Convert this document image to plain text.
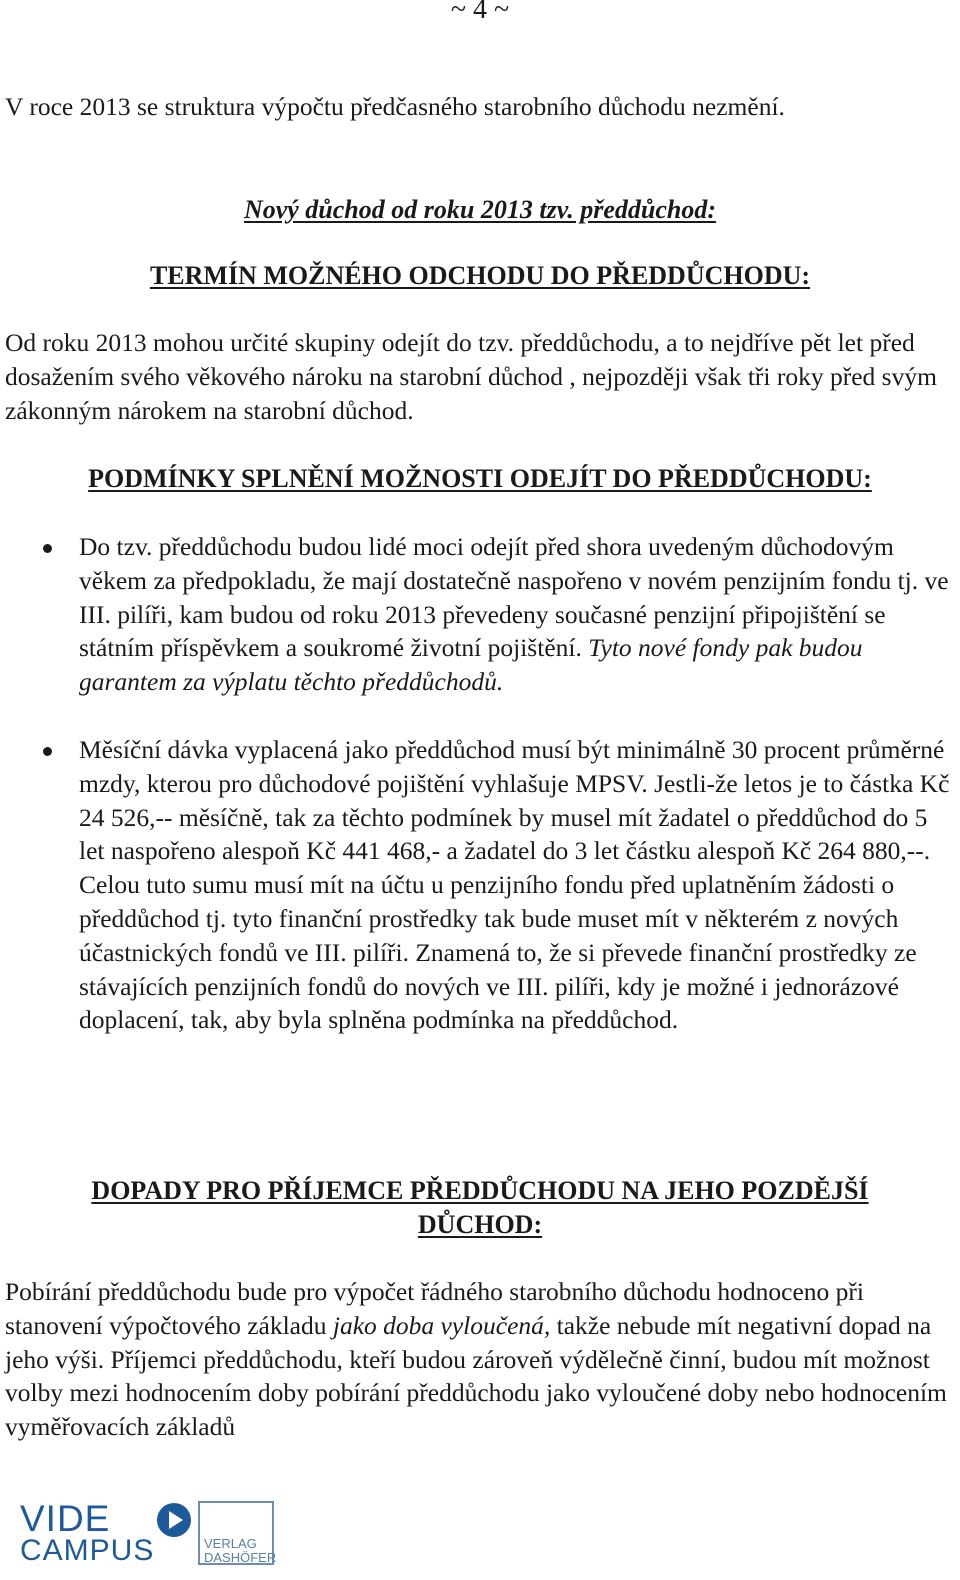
~ 4 ~

V roce 2013 se struktura výpočtu předčasného starobního důchodu nezmění.

Nový důchod od roku 2013 tzv. předdůchod:
TERMÍN MOŽNÉHO ODCHODU DO PŘEDDŮCHODU:

Od roku 2013 mohou určité skupiny odejít do tzv. předdůchodu, a to nejdříve pět let před dosažením svého věkového nároku na starobní důchod , nejpozději však tři roky před svým zákonným nárokem na starobní důchod.

PODMÍNKY SPLNĚNÍ MOŽNOSTI ODEJÍT DO PŘEDDŮCHODU:
Do tzv. předdůchodu budou lidé moci odejít před shora uvedeným důchodovým věkem za předpokladu, že mají dostatečně naspořeno v novém penzijním fondu tj. ve III. pilíři, kam budou od roku 2013 převedeny současné penzijní připojištění se státním příspěvkem a soukromé životní pojištění. Tyto nové fondy pak budou garantem za výplatu těchto předdůchodů.
Měsíční dávka vyplacená jako předdůchod musí být minimálně 30 procent průměrné mzdy, kterou pro důchodové pojištění vyhlašuje MPSV. Jestli-že letos je to částka Kč 24 526,-- měsíčně, tak za těchto podmínek by musel mít žadatel o předdůchod do 5 let naspořeno alespoň Kč 441 468,- a žadatel do 3 let částku alespoň Kč 264 880,--. Celou tuto sumu musí mít na účtu u penzijního fondu před uplatněním žádosti o předdůchod tj. tyto finanční prostředky tak bude muset mít v některém z nových účastnických fondů ve III. pilíři. Znamená to, že si převede finanční prostředky ze stávajících penzijních fondů do nových ve III. pilíři, kdy je možné i jednorázové doplacení, tak, aby byla splněna podmínka na předdůchod.
DOPADY PRO PŘÍJEMCE PŘEDDŮCHODU NA JEHO POZDĚJŠÍ
DŮCHOD:

Pobírání předdůchodu bude pro výpočet řádného starobního důchodu hodnoceno při stanovení výpočtového základu jako doba vyloučená, takže nebude mít negativní dopad na jeho výši. Příjemci předdůchodu, kteří budou zároveň výdělečně činní, budou mít možnost volby mezi hodnocením doby pobírání předdůchodu jako vyloučené doby nebo hodnocením vyměřovacích základů

VIDE
CAMPUS	VERLAG
DASHÖFER
